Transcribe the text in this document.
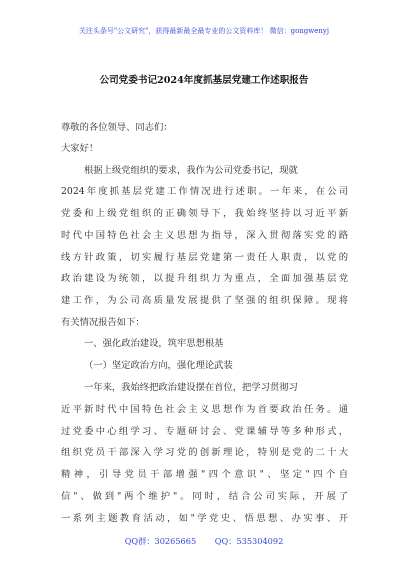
关注头条号"公文研究"，获得最新最全最专业的公文资料库！ 微信：gongwenyj
公司党委书记2024年度抓基层党建工作述职报告
尊敬的各位领导、同志们：
大家好！
根据上级党组织的要求，我作为公司党委书记，现就
2024年度抓基层党建工作情况进行述职。一年来，在公司
党委和上级党组织的正确领导下，我始终坚持以习近平新
时代中国特色社会主义思想为指导，深入贯彻落实党的路
线方针政策，切实履行基层党建第一责任人职责，以党的
政治建设为统领，以提升组织力为重点，全面加强基层党
建工作，为公司高质量发展提供了坚强的组织保障。现将
有关情况报告如下：
一、强化政治建设，筑牢思想根基
（一）坚定政治方向，强化理论武装
一年来，我始终把政治建设摆在首位，把学习贯彻习
近平新时代中国特色社会主义思想作为首要政治任务。通
过党委中心组学习、专题研讨会、党课辅导等多种形式，
组织党员干部深入学习党的创新理论，特别是党的二十大
精神，引导党员干部增强"四个意识"、坚定"四个自
信"、做到"两个维护"。同时，结合公司实际，开展了
一系列主题教育活动，如"学党史、悟思想、办实事、开
QQ群：30265665 QQ：535304092
